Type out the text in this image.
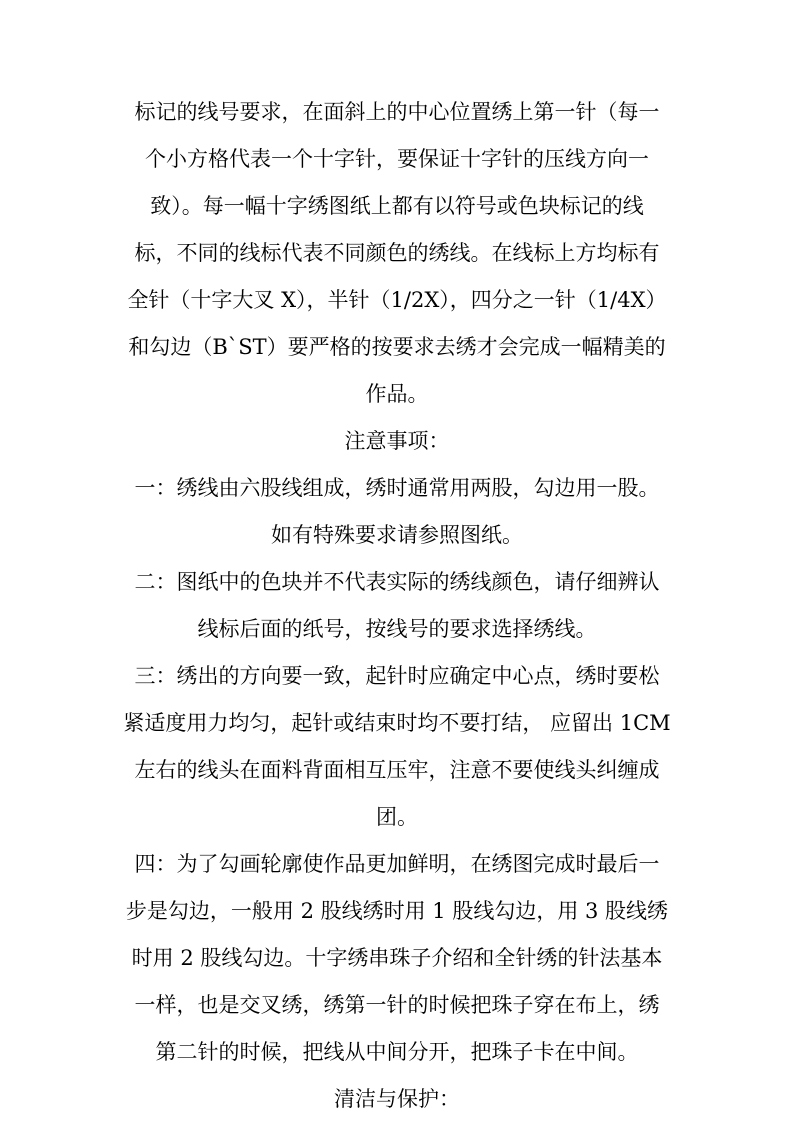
标记的线号要求，在面斜上的中心位置绣上第一针（每一
个小方格代表一个十字针，要保证十字针的压线方向一
致）。每一幅十字绣图纸上都有以符号或色块标记的线
标，不同的线标代表不同颜色的绣线。在线标上方均标有
全针（十字大叉 X），半针（1/2X），四分之一针（1/4X）
和勾边（B`ST）要严格的按要求去绣才会完成一幅精美的
作品。
注意事项：
一：绣线由六股线组成，绣时通常用两股，勾边用一股。
如有特殊要求请参照图纸。
二：图纸中的色块并不代表实际的绣线颜色，请仔细辨认
线标后面的纸号，按线号的要求选择绣线。
三：绣出的方向要一致，起针时应确定中心点，绣时要松
紧适度用力均匀，起针或结束时均不要打结， 应留出 1CM
左右的线头在面料背面相互压牢，注意不要使线头纠缠成
团。
四：为了勾画轮廓使作品更加鲜明，在绣图完成时最后一
步是勾边，一般用 2 股线绣时用 1 股线勾边，用 3 股线绣
时用 2 股线勾边。十字绣串珠子介绍和全针绣的针法基本
一样，也是交叉绣，绣第一针的时候把珠子穿在布上，绣
第二针的时候，把线从中间分开，把珠子卡在中间。
清洁与保护：
